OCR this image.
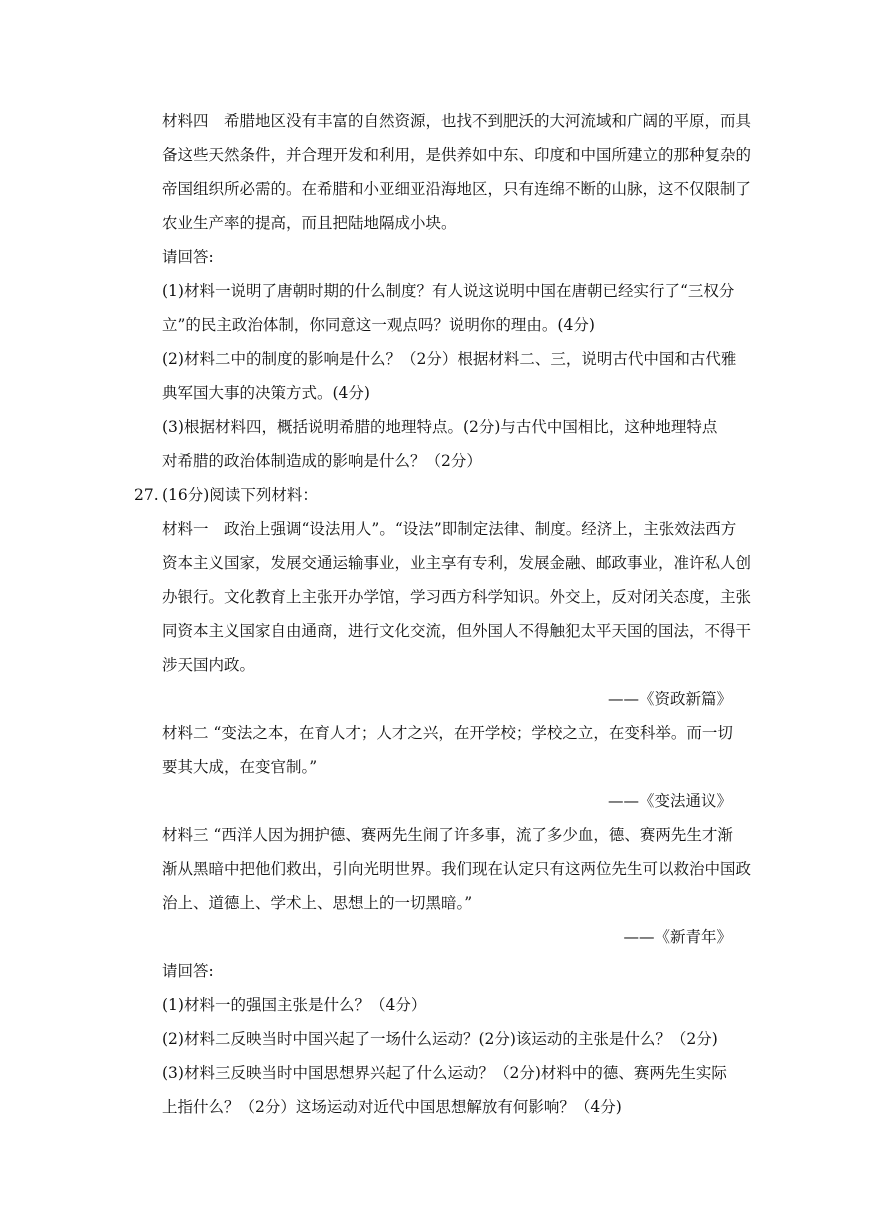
材料四　希腊地区没有丰富的自然资源，也找不到肥沃的大河流域和广阔的平原，而具
备这些天然条件，并合理开发和利用，是供养如中东、印度和中国所建立的那种复杂的
帝国组织所必需的。在希腊和小亚细亚沿海地区，只有连绵不断的山脉，这不仅限制了
农业生产率的提高，而且把陆地隔成小块。
请回答:
(1)材料一说明了唐朝时期的什么制度？有人说这说明中国在唐朝已经实行了“三权分
立”的民主政治体制，你同意这一观点吗？说明你的理由。(4分)
(2)材料二中的制度的影响是什么？（2分）根据材料二、三，说明古代中国和古代雅
典军国大事的决策方式。(4分)
(3)根据材料四，概括说明希腊的地理特点。(2分)与古代中国相比，这种地理特点
对希腊的政治体制造成的影响是什么？（2分）
27. (16分)阅读下列材料：
材料一　政治上强调“设法用人”。“设法”即制定法律、制度。经济上，主张效法西方
资本主义国家，发展交通运输事业，业主享有专利，发展金融、邮政事业，准许私人创
办银行。文化教育上主张开办学馆，学习西方科学知识。外交上，反对闭关态度，主张
同资本主义国家自由通商，进行文化交流，但外国人不得触犯太平天国的国法，不得干
涉天国内政。
——《资政新篇》
材料二 “变法之本，在育人才；人才之兴，在开学校；学校之立，在变科举。而一切
要其大成，在变官制。”
——《变法通议》
材料三 “西洋人因为拥护德、赛两先生闹了许多事，流了多少血，德、赛两先生才渐
渐从黑暗中把他们救出，引向光明世界。我们现在认定只有这两位先生可以救治中国政
治上、道德上、学术上、思想上的一切黑暗。”
——《新青年》
请回答:
(1)材料一的强国主张是什么？（4分）
(2)材料二反映当时中国兴起了一场什么运动？(2分)该运动的主张是什么？（2分)
(3)材料三反映当时中国思想界兴起了什么运动？（2分)材料中的德、赛两先生实际
上指什么？（2分）这场运动对近代中国思想解放有何影响？（4分)
